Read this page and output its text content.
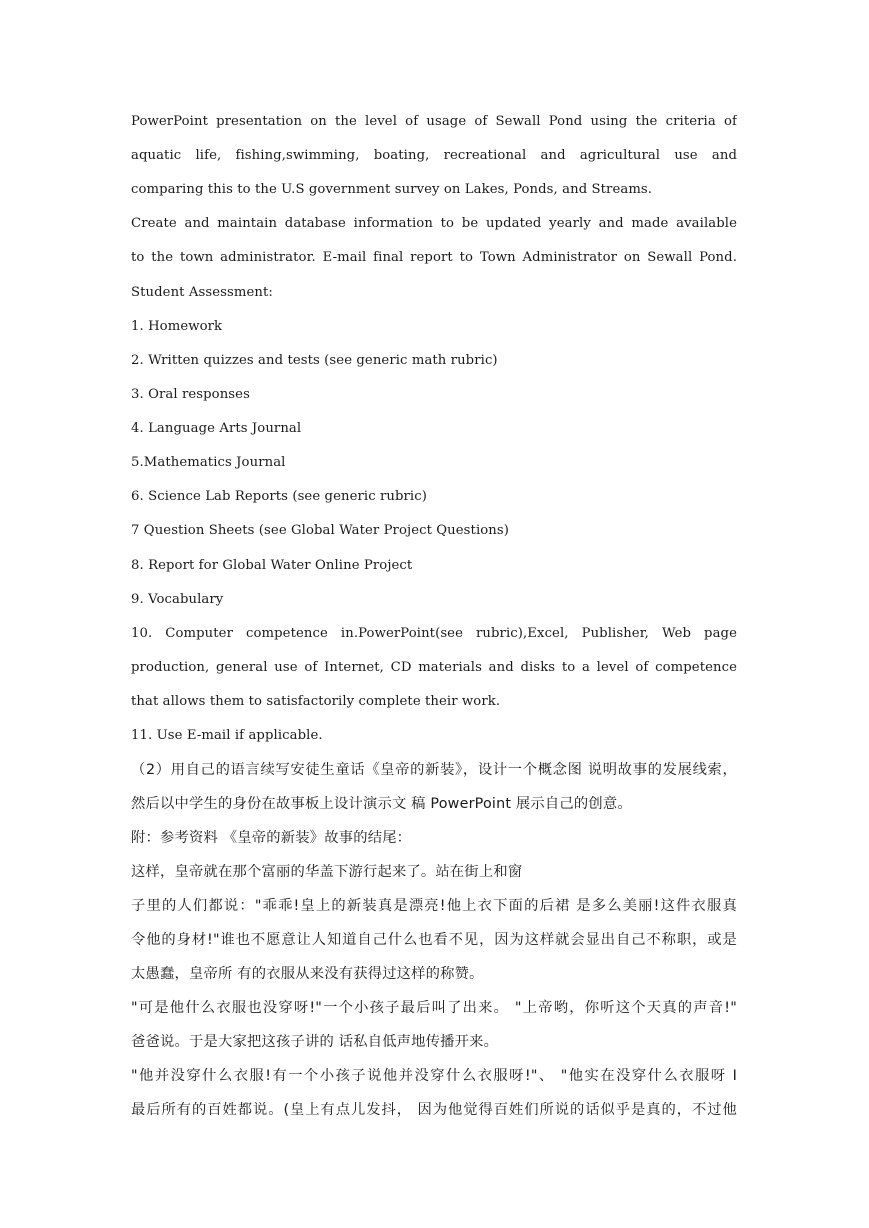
PowerPoint presentation on the level of usage of Sewall Pond using the criteria of
aquatic life, fishing,swimming, boating, recreational and agricultural use and
comparing this to the U.S government survey on Lakes, Ponds, and Streams.
Create and maintain database information to be updated yearly and made available
to the town administrator. E-mail final report to Town Administrator on Sewall Pond.
Student Assessment:
1. Homework
2. Written quizzes and tests (see generic math rubric)
3. Oral responses
4. Language Arts Journal
5.Mathematics Journal
6. Science Lab Reports (see generic rubric)
7 Question Sheets (see Global Water Project Questions)
8. Report for Global Water Online Project
9. Vocabulary
10. Computer competence in.PowerPoint(see rubric),Excel, Publisher, Web page
production, general use of Internet, CD materials and disks to a level of competence
that allows them to satisfactorily complete their work.
11. Use E-mail if applicable.
（2）用自己的语言续写安徒生童话《皇帝的新装》，设计一个概念图 说明故事的发展线索，
然后以中学生的身份在故事板上设计演示文 稿 PowerPoint 展示自己的创意。
附：参考资料 《皇帝的新装》故事的结尾：
这样，皇帝就在那个富丽的华盖下游行起来了。站在街上和窗
子里的人们都说："乖乖!皇上的新装真是漂亮!他上衣下面的后裙 是多么美丽!这件衣服真
令他的身材!"谁也不愿意让人知道自己什么也看不见，因为这样就会显出自己不称职，或是
太愚蠢，皇帝所 有的衣服从来没有获得过这样的称赞。
"可是他什么衣服也没穿呀!"一个小孩子最后叫了出来。 "上帝哟，你听这个天真的声音!"
爸爸说。于是大家把这孩子讲的 话私自低声地传播开来。
"他并没穿什么衣服!有一个小孩子说他并没穿什么衣服呀!"、 "他实在没穿什么衣服呀 I
最后所有的百姓都说。(皇上有点儿发抖， 因为他觉得百姓们所说的话似乎是真的，不过他
